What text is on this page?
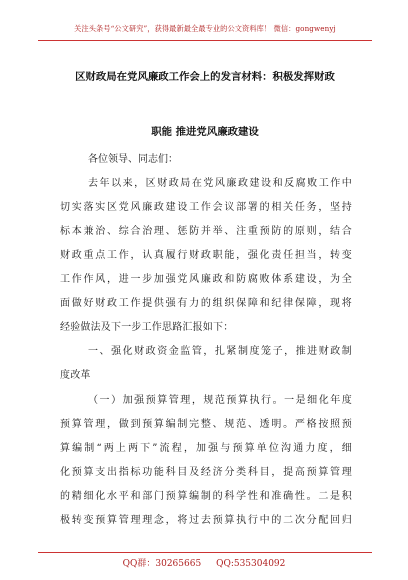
关注头条号“公文研究”，获得最新最全最专业的公文资料库！ 微信：gongwenyj
区财政局在党风廉政工作会上的发言材料：积极发挥财政
职能 推进党风廉政建设
各位领导、同志们：
去年以来，区财政局在党风廉政建设和反腐败工作中
切实落实区党风廉政建设工作会议部署的相关任务，坚持
标本兼治、综合治理、惩防并举、注重预防的原则，结合
财政重点工作，认真履行财政职能，强化责任担当，转变
工作作风，进一步加强党风廉政和防腐败体系建设，为全
面做好财政工作提供强有力的组织保障和纪律保障，现将
经验做法及下一步工作思路汇报如下：
一、强化财政资金监管，扎紧制度笼子，推进财政制
度改革
（一）加强预算管理，规范预算执行。一是细化年度
预算管理，做到预算编制完整、规范、透明。严格按照预
算编制“两上两下”流程，加强与预算单位沟通力度，细
化预算支出指标功能科目及经济分类科目，提高预算管理
的精细化水平和部门预算编制的科学性和准确性。二是积
极转变预算管理理念，将过去预算执行中的二次分配回归
QQ群：30265665 QQ:535304092
